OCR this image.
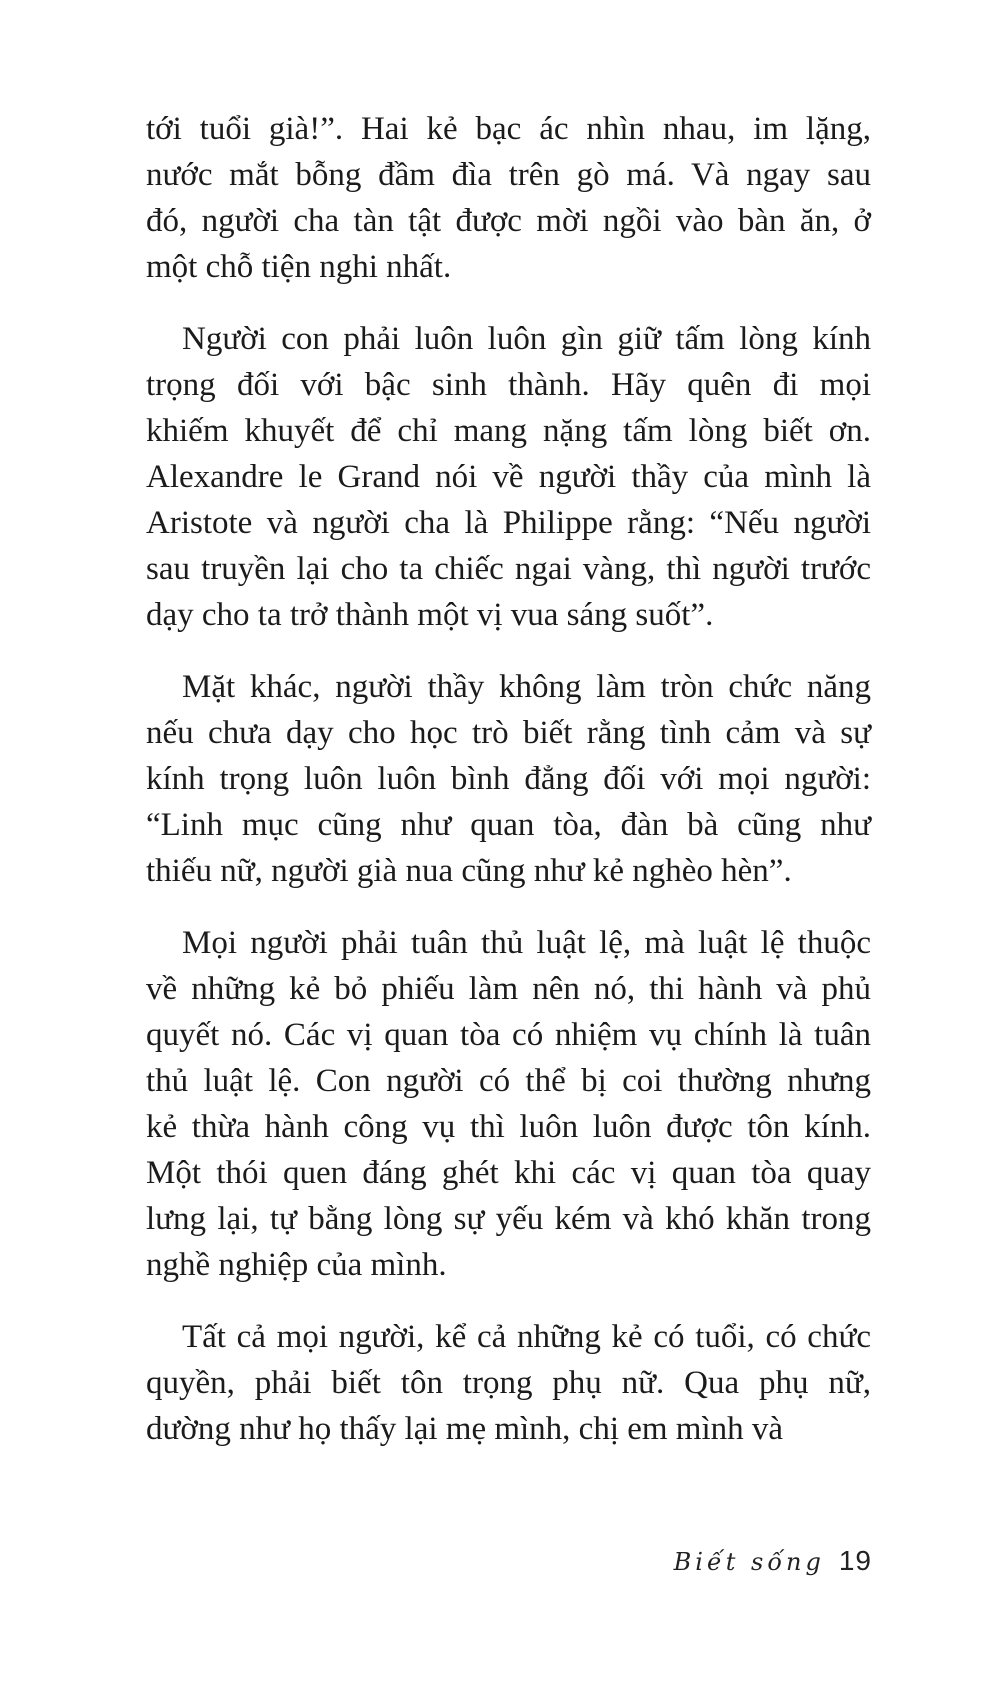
tới tuổi già!”. Hai kẻ bạc ác nhìn nhau, im lặng,
nước mắt bỗng đầm đìa trên gò má. Và ngay sau
đó, người cha tàn tật được mời ngồi vào bàn ăn, ở
một chỗ tiện nghi nhất.
Người con phải luôn luôn gìn giữ tấm lòng kính
trọng đối với bậc sinh thành. Hãy quên đi mọi
khiếm khuyết để chỉ mang nặng tấm lòng biết ơn.
Alexandre le Grand nói về người thầy của mình là
Aristote và người cha là Philippe rằng: “Nếu người
sau truyền lại cho ta chiếc ngai vàng, thì người trước
dạy cho ta trở thành một vị vua sáng suốt”.
Mặt khác, người thầy không làm tròn chức năng
nếu chưa dạy cho học trò biết rằng tình cảm và sự
kính trọng luôn luôn bình đẳng đối với mọi người:
“Linh mục cũng như quan tòa, đàn bà cũng như
thiếu nữ, người già nua cũng như kẻ nghèo hèn”.
Mọi người phải tuân thủ luật lệ, mà luật lệ thuộc
về những kẻ bỏ phiếu làm nên nó, thi hành và phủ
quyết nó. Các vị quan tòa có nhiệm vụ chính là tuân
thủ luật lệ. Con người có thể bị coi thường nhưng
kẻ thừa hành công vụ thì luôn luôn được tôn kính.
Một thói quen đáng ghét khi các vị quan tòa quay
lưng lại, tự bằng lòng sự yếu kém và khó khăn trong
nghề nghiệp của mình.
Tất cả mọi người, kể cả những kẻ có tuổi, có chức
quyền, phải biết tôn trọng phụ nữ. Qua phụ nữ,
dường như họ thấy lại mẹ mình, chị em mình và
Biết sống 19
